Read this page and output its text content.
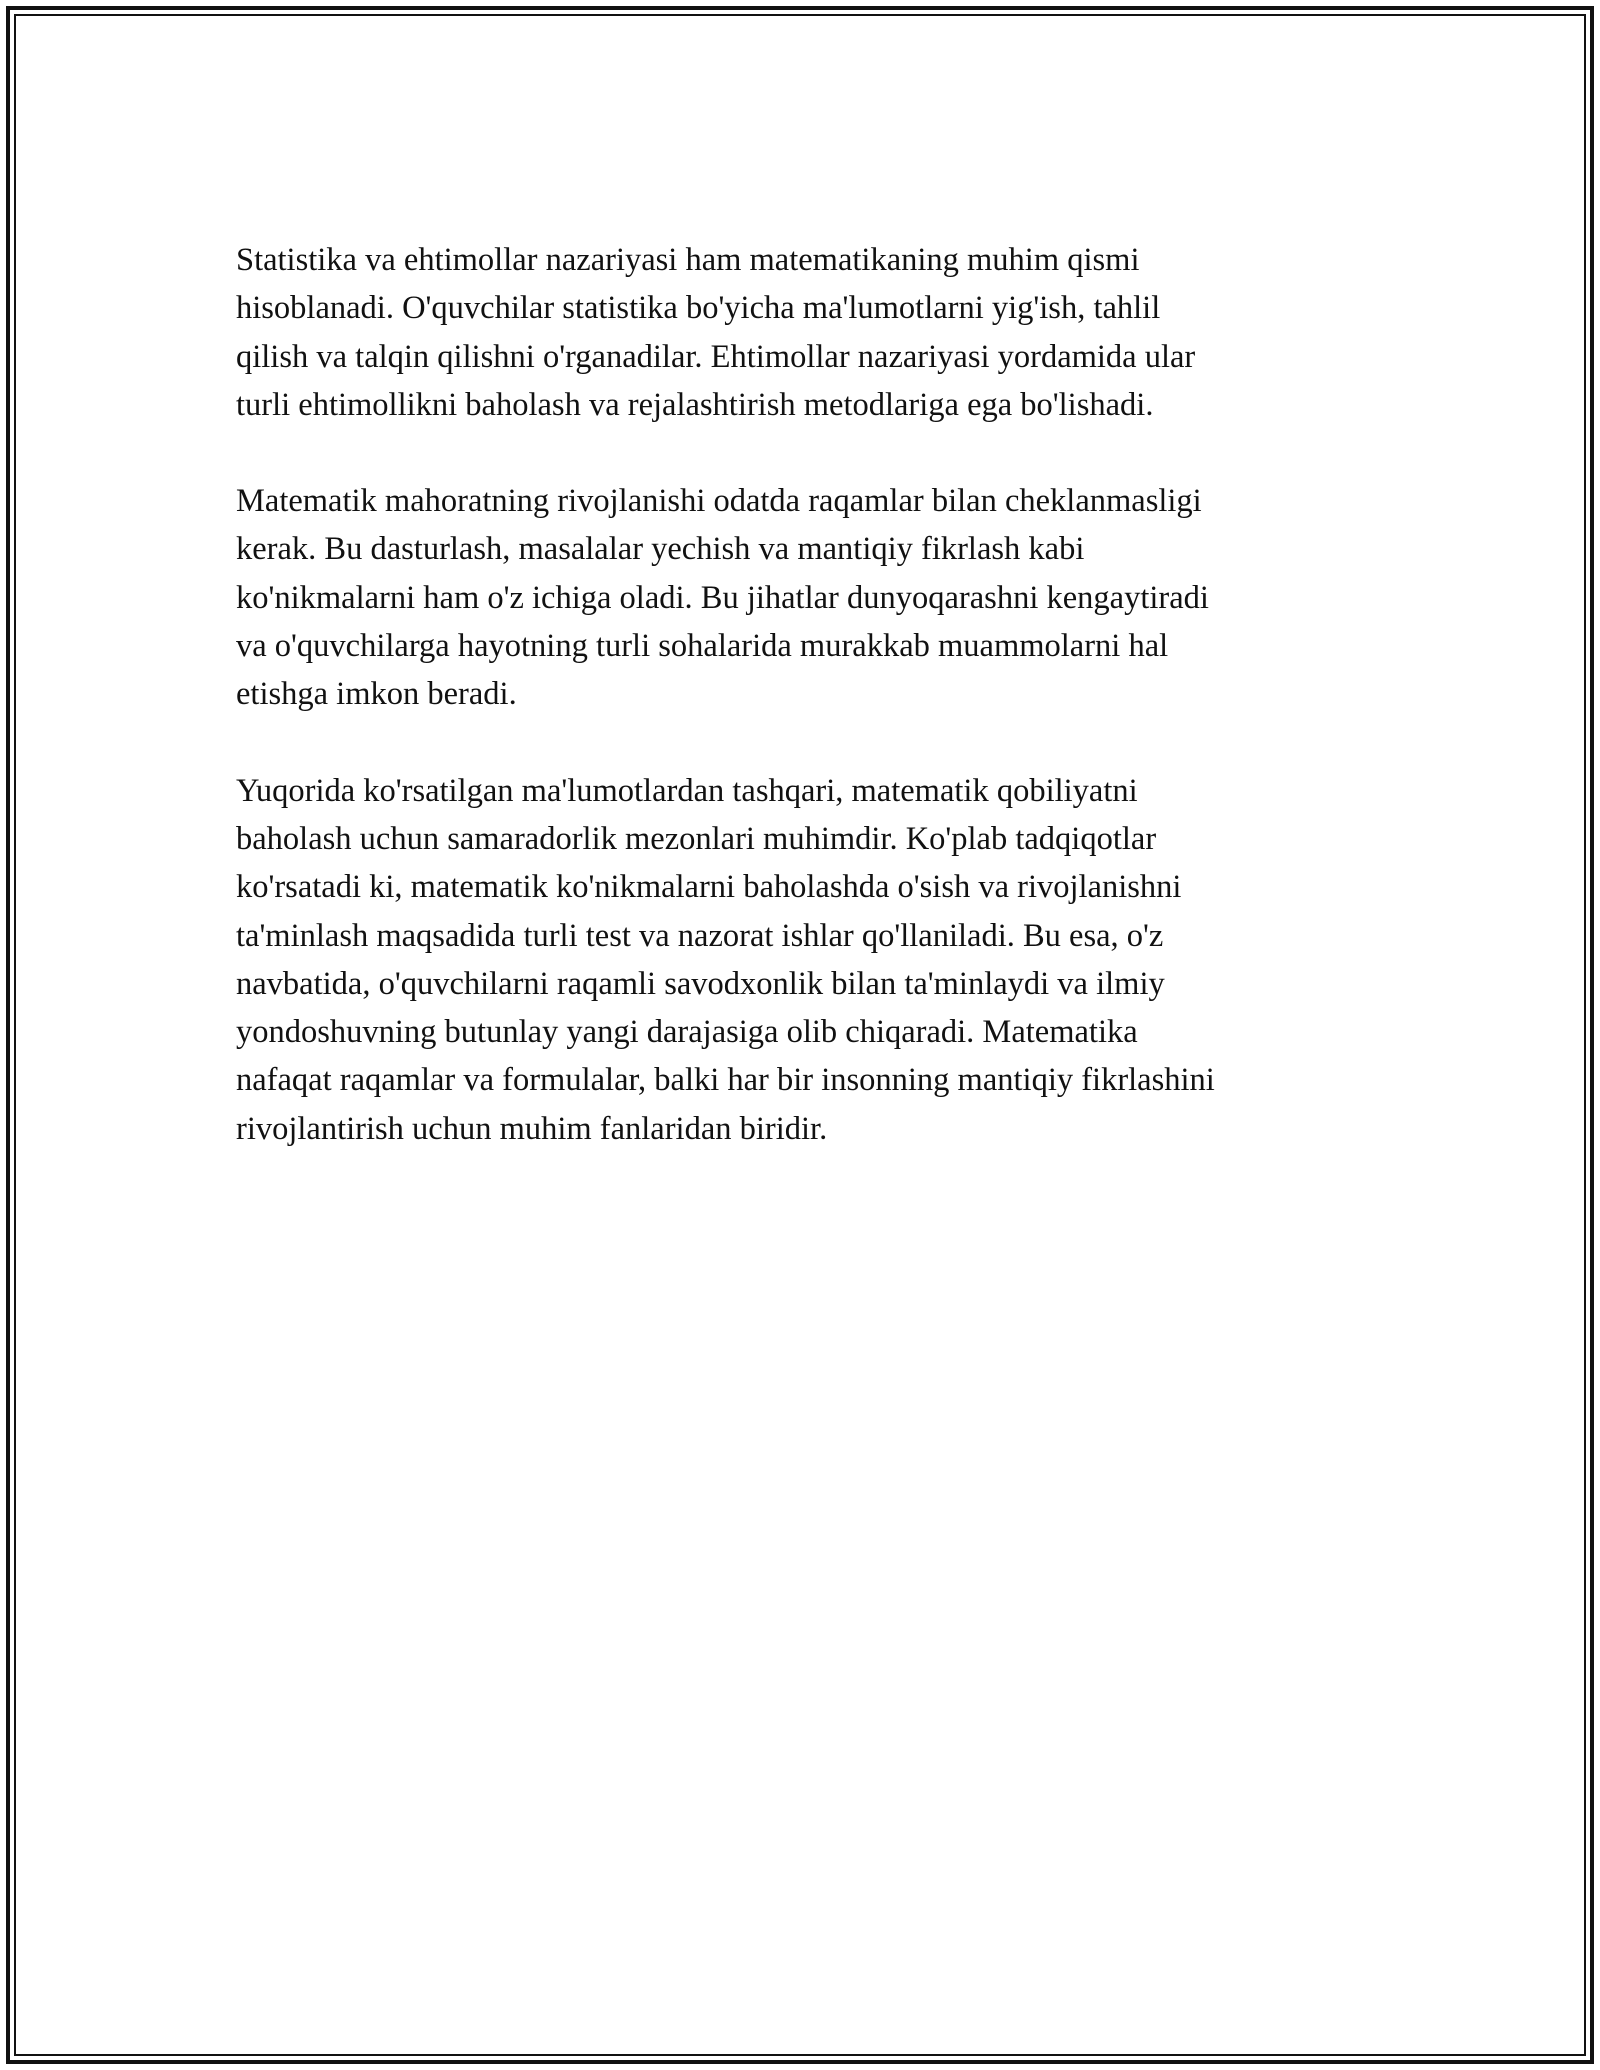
Statistika va ehtimollar nazariyasi ham matematikaning muhim qismi
hisoblanadi. O'quvchilar statistika bo'yicha ma'lumotlarni yig'ish, tahlil
qilish va talqin qilishni o'rganadilar. Ehtimollar nazariyasi yordamida ular
turli ehtimollikni baholash va rejalashtirish metodlariga ega bo'lishadi.

Matematik mahoratning rivojlanishi odatda raqamlar bilan cheklanmasligi
kerak. Bu dasturlash, masalalar yechish va mantiqiy fikrlash kabi
ko'nikmalarni ham o'z ichiga oladi. Bu jihatlar dunyoqarashni kengaytiradi
va o'quvchilarga hayotning turli sohalarida murakkab muammolarni hal
etishga imkon beradi.

Yuqorida ko'rsatilgan ma'lumotlardan tashqari, matematik qobiliyatni
baholash uchun samaradorlik mezonlari muhimdir. Ko'plab tadqiqotlar
ko'rsatadi ki, matematik ko'nikmalarni baholashda o'sish va rivojlanishni
ta'minlash maqsadida turli test va nazorat ishlar qo'llaniladi. Bu esa, o'z
navbatida, o'quvchilarni raqamli savodxonlik bilan ta'minlaydi va ilmiy
yondoshuvning butunlay yangi darajasiga olib chiqaradi. Matematika
nafaqat raqamlar va formulalar, balki har bir insonning mantiqiy fikrlashini
rivojlantirish uchun muhim fanlaridan biridir.
